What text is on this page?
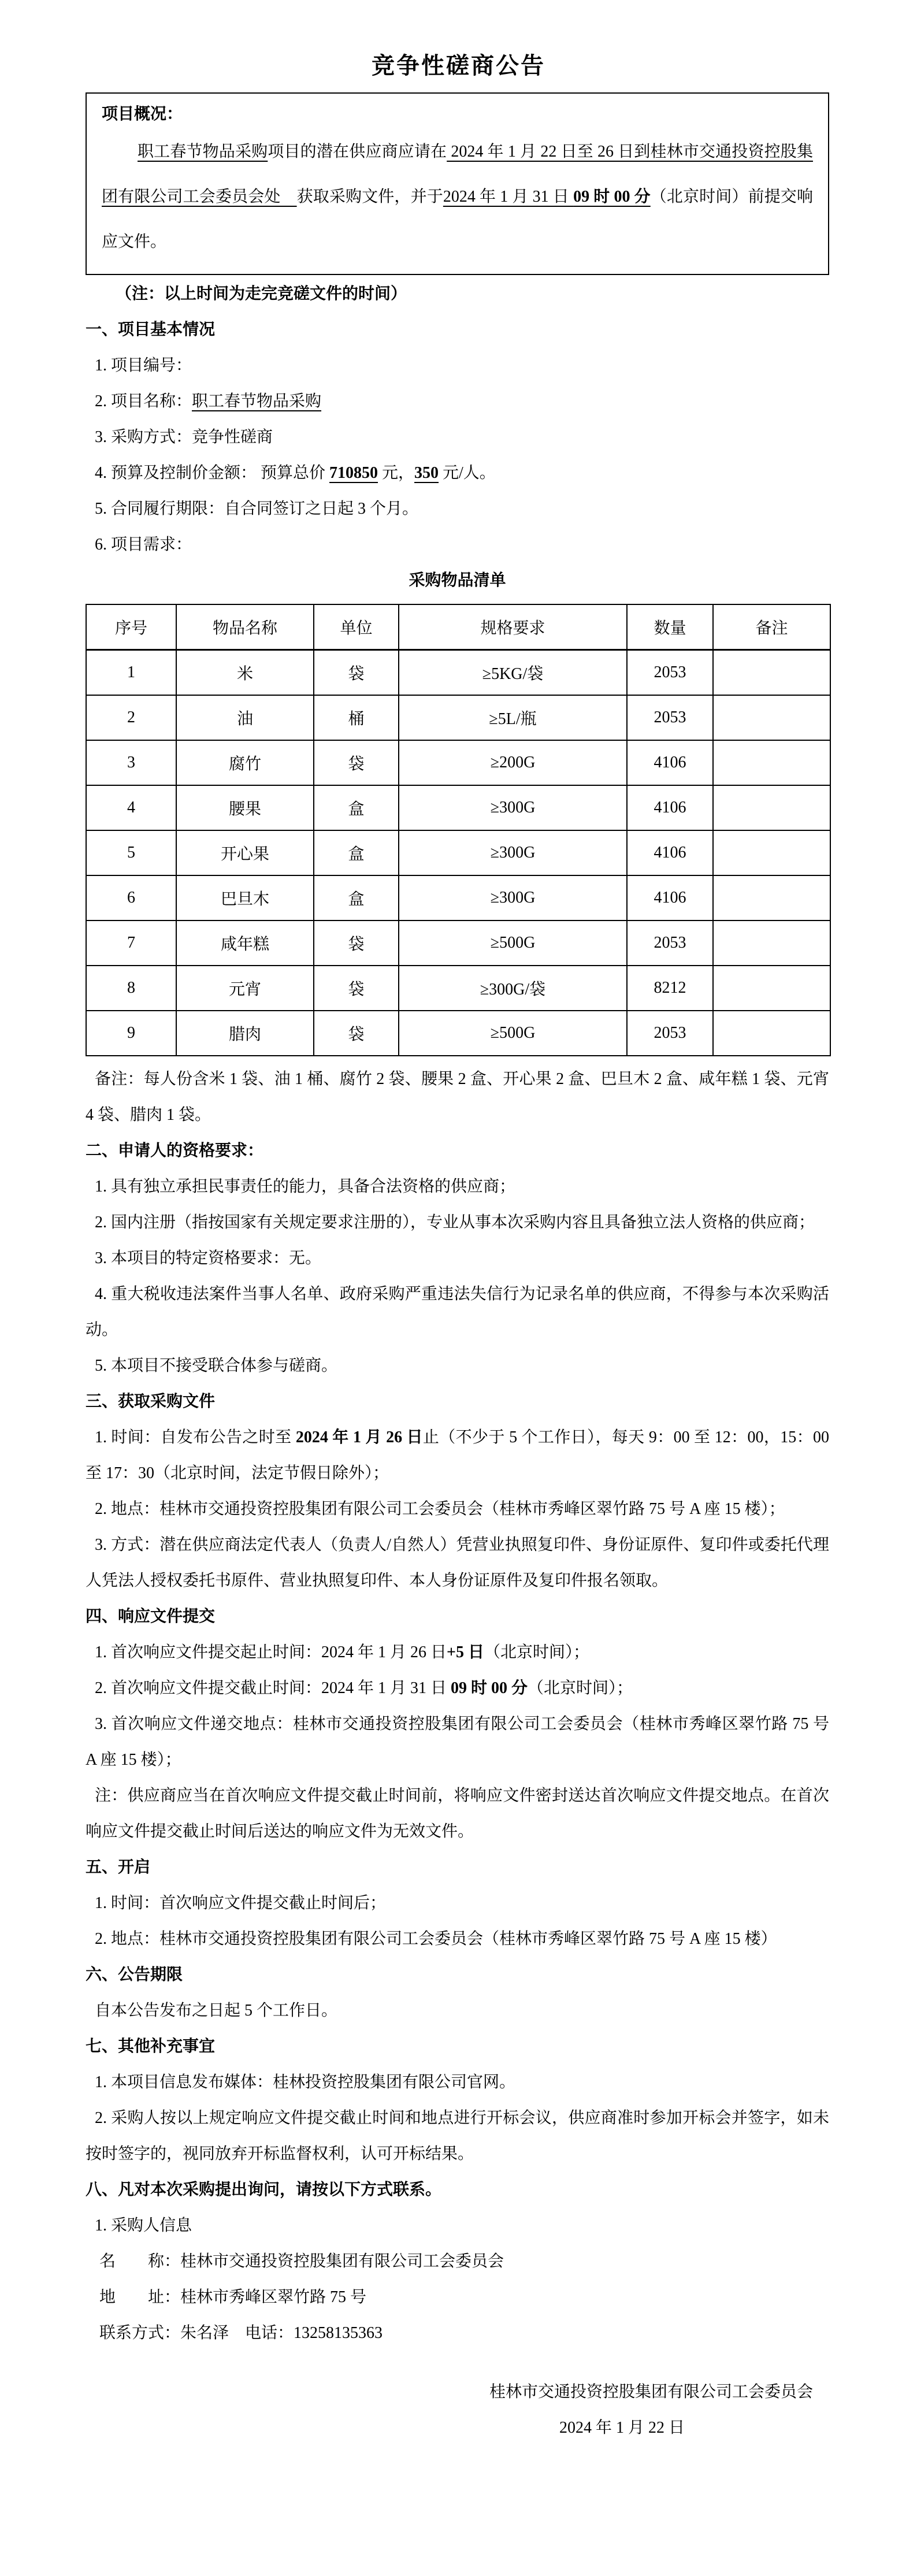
竞争性磋商公告
项目概况：
职工春节物品采购项目的潜在供应商应请在 2024 年 1 月 22 日至 26 日到桂林市交通投资控股集团有限公司工会委员会处　获取采购文件，并于2024 年 1 月 31 日 09 时 00 分（北京时间）前提交响应文件。
（注：以上时间为走完竞磋文件的时间）
一、项目基本情况
1. 项目编号：
2. 项目名称：职工春节物品采购
3. 采购方式：竞争性磋商
4. 预算及控制价金额： 预算总价 710850 元，350 元/人。
5. 合同履行期限：自合同签订之日起 3 个月。
6. 项目需求：
采购物品清单
序号	物品名称	单位	规格要求	数量	备注
1	米	袋	≥5KG/袋	2053	
2	油	桶	≥5L/瓶	2053	
3	腐竹	袋	≥200G	4106	
4	腰果	盒	≥300G	4106	
5	开心果	盒	≥300G	4106	
6	巴旦木	盒	≥300G	4106	
7	咸年糕	袋	≥500G	2053	
8	元宵	袋	≥300G/袋	8212	
9	腊肉	袋	≥500G	2053	
备注：每人份含米 1 袋、油 1 桶、腐竹 2 袋、腰果 2 盒、开心果 2 盒、巴旦木 2 盒、咸年糕 1 袋、元宵 4 袋、腊肉 1 袋。
二、申请人的资格要求：
1. 具有独立承担民事责任的能力，具备合法资格的供应商；
2. 国内注册（指按国家有关规定要求注册的），专业从事本次采购内容且具备独立法人资格的供应商；
3. 本项目的特定资格要求：无。
4. 重大税收违法案件当事人名单、政府采购严重违法失信行为记录名单的供应商，不得参与本次采购活动。
5. 本项目不接受联合体参与磋商。
三、获取采购文件
1. 时间：自发布公告之时至 2024 年 1 月 26 日止（不少于 5 个工作日），每天 9：00 至 12：00，15：00 至 17：30（北京时间，法定节假日除外）；
2. 地点：桂林市交通投资控股集团有限公司工会委员会（桂林市秀峰区翠竹路 75 号 A 座 15 楼）；
3. 方式：潜在供应商法定代表人（负责人/自然人）凭营业执照复印件、身份证原件、复印件或委托代理人凭法人授权委托书原件、营业执照复印件、本人身份证原件及复印件报名领取。
四、响应文件提交
1. 首次响应文件提交起止时间：2024 年 1 月 26 日+5 日（北京时间）；
2. 首次响应文件提交截止时间：2024 年 1 月 31 日 09 时 00 分（北京时间）；
3. 首次响应文件递交地点：桂林市交通投资控股集团有限公司工会委员会（桂林市秀峰区翠竹路 75 号 A 座 15 楼）；
注：供应商应当在首次响应文件提交截止时间前，将响应文件密封送达首次响应文件提交地点。在首次响应文件提交截止时间后送达的响应文件为无效文件。
五、开启
1. 时间：首次响应文件提交截止时间后；
2. 地点：桂林市交通投资控股集团有限公司工会委员会（桂林市秀峰区翠竹路 75 号 A 座 15 楼）
六、公告期限
自本公告发布之日起 5 个工作日。
七、其他补充事宜
1. 本项目信息发布媒体：桂林投资控股集团有限公司官网。
2. 采购人按以上规定响应文件提交截止时间和地点进行开标会议，供应商准时参加开标会并签字，如未按时签字的，视同放弃开标监督权利，认可开标结果。
八、凡对本次采购提出询问，请按以下方式联系。
1. 采购人信息
名　　称：桂林市交通投资控股集团有限公司工会委员会
地　　址：桂林市秀峰区翠竹路 75 号
联系方式：朱名泽　电话：13258135363
桂林市交通投资控股集团有限公司工会委员会
2024 年 1 月 22 日
